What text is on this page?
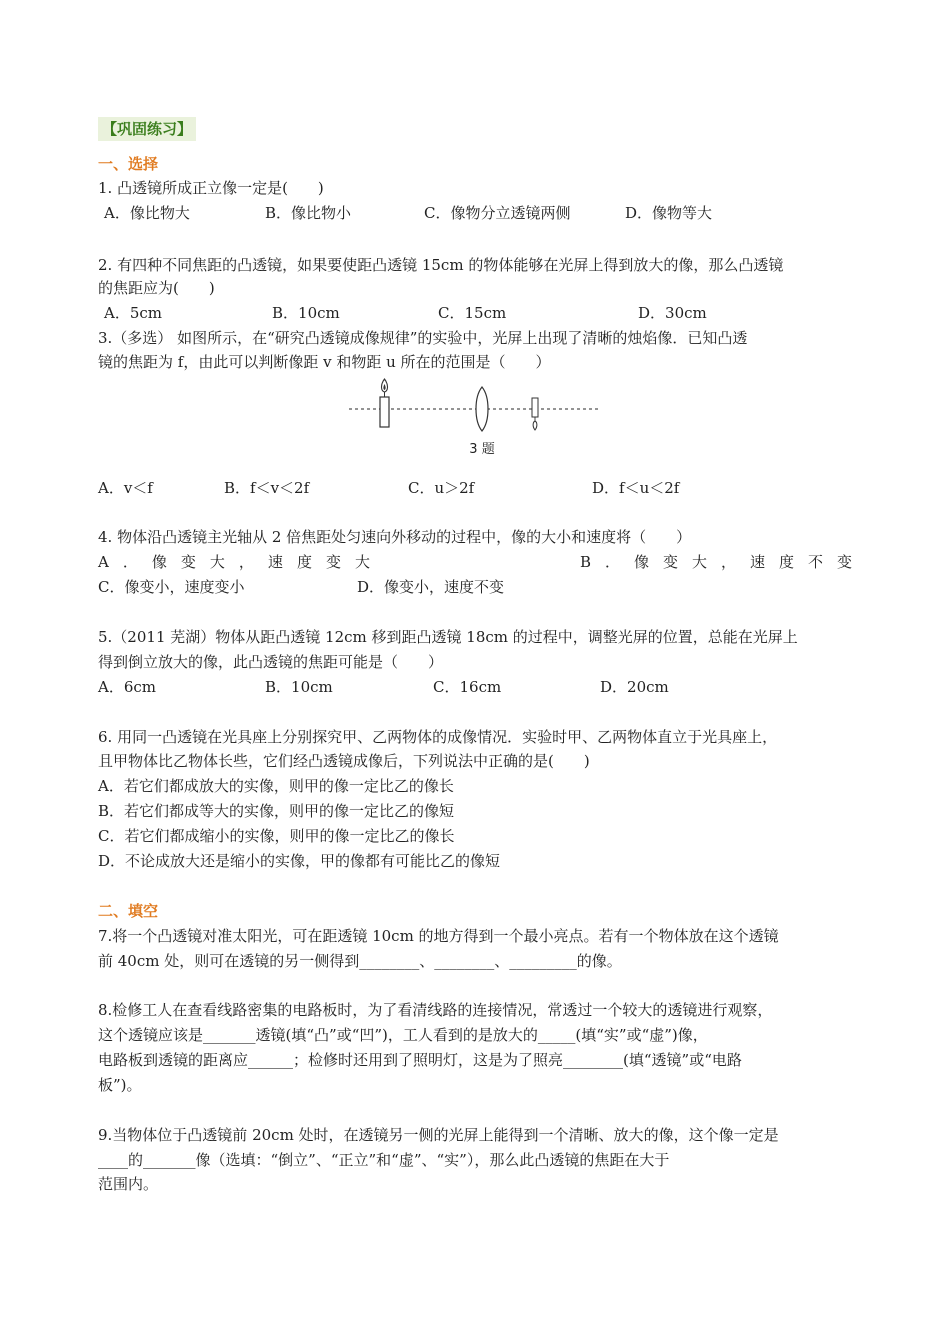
【巩固练习】
一、选择
1. 凸透镜所成正立像一定是(　　)
A．像比物大	B．像比物小	C．像物分立透镜两侧	D．像物等大
2. 有四种不同焦距的凸透镜，如果要使距凸透镜 15cm 的物体能够在光屏上得到放大的像，那么凸透镜
的焦距应为(　　)
A．5cm	B．10cm	C．15cm	D．30cm
3.（多选） 如图所示，在“研究凸透镜成像规律”的实验中，光屏上出现了清晰的烛焰像．已知凸透
镜的焦距为 f，由此可以判断像距 v 和物距 u 所在的范围是（　　）
3 题
A．v＜f	B．f＜v＜2f	C．u＞2f	D．f＜u＜2f
4. 物体沿凸透镜主光轴从 2 倍焦距处匀速向外移动的过程中，像的大小和速度将（　　）
A．像变大，速度变大	B．像变大，速度不变
C．像变小，速度变小	D．像变小，速度不变
5.（2011 芜湖）物体从距凸透镜 12cm 移到距凸透镜 18cm 的过程中，调整光屏的位置，总能在光屏上
得到倒立放大的像，此凸透镜的焦距可能是（　　）
A．6cm	B．10cm	C．16cm	D．20cm
6. 用同一凸透镜在光具座上分别探究甲、乙两物体的成像情况．实验时甲、乙两物体直立于光具座上，
且甲物体比乙物体长些，它们经凸透镜成像后，下列说法中正确的是(　　)
A．若它们都成放大的实像，则甲的像一定比乙的像长
B．若它们都成等大的实像，则甲的像一定比乙的像短
C．若它们都成缩小的实像，则甲的像一定比乙的像长
D．不论成放大还是缩小的实像，甲的像都有可能比乙的像短
二、填空
7.将一个凸透镜对准太阳光，可在距透镜 10cm 的地方得到一个最小亮点。若有一个物体放在这个透镜
前 40cm 处，则可在透镜的另一侧得到________、________、_________的像。
8.检修工人在查看线路密集的电路板时，为了看清线路的连接情况，常透过一个较大的透镜进行观察，
这个透镜应该是_______透镜(填“凸”或“凹”)，工人看到的是放大的_____(填“实”或“虚”)像，
电路板到透镜的距离应______；检修时还用到了照明灯，这是为了照亮________(填“透镜”或“电路
板”)。
9.当物体位于凸透镜前 20cm 处时，在透镜另一侧的光屏上能得到一个清晰、放大的像，这个像一定是
____的_______像（选填：“倒立”、“正立”和“虚”、“实”），那么此凸透镜的焦距在大于
范围内。
